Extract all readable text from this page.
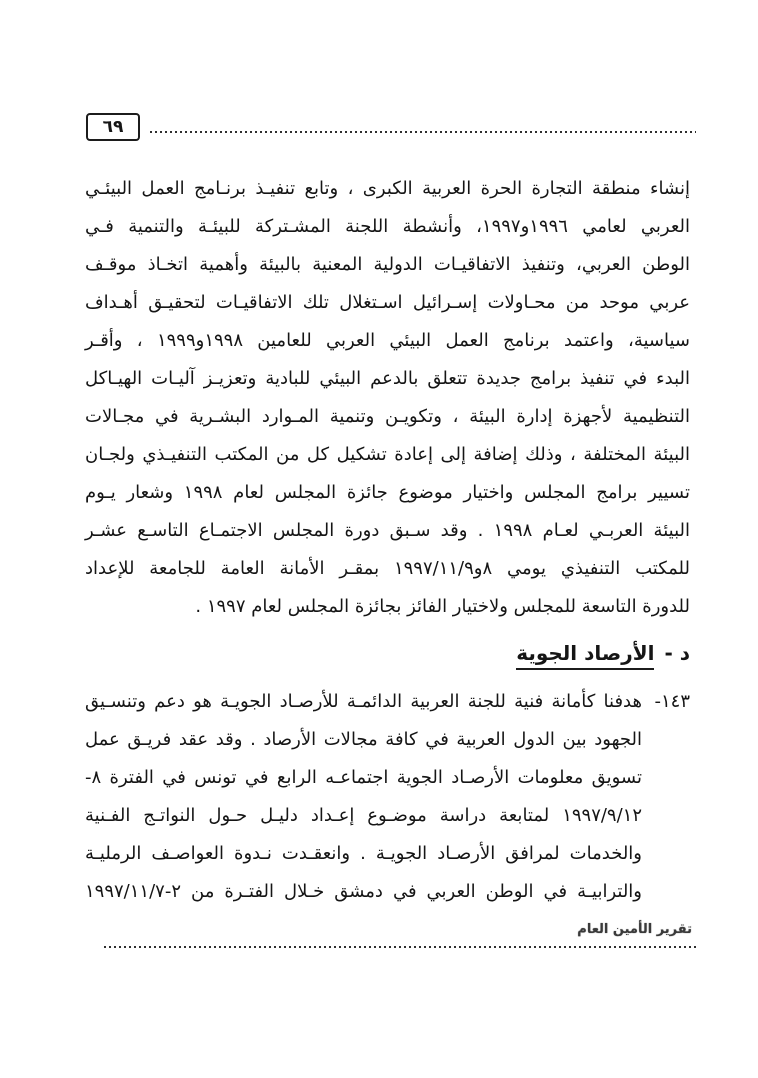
٦٩
إنشاء منطقة التجارة الحرة العربية الكبرى ، وتابع تنفيـذ برنـامج العمل البيئـي
العربي لعامي ١٩٩٦و١٩٩٧، وأنشطة اللجنة المشـتركة للبيئـة والتنمية فـي
الوطن العربي، وتنفيذ الاتفاقيـات الدولية المعنية بالبيئة وأهمية اتخـاذ موقـف
عربي موحد من محـاولات إسـرائيل اسـتغلال تلك الاتفاقيـات لتحقيـق أهـداف
سياسية، واعتمد برنامج العمل البيئي العربي للعامين ١٩٩٨و١٩٩٩ ، وأقـر
البدء في تنفيذ برامج جديدة تتعلق بالدعم البيئي للبادية وتعزيـز آليـات الهيـاكل
التنظيمية لأجهزة إدارة البيئة ، وتكويـن وتنمية المـوارد البشـرية في مجـالات
البيئة المختلفة ، وذلك إضافة إلى إعادة تشكيل كل من المكتب التنفيـذي ولجـان
تسيير برامج المجلس واختيار موضوع جائزة المجلس لعام ١٩٩٨ وشعار يـوم
البيئة العربـي لعـام ١٩٩٨ . وقد سـبق دورة المجلس الاجتمـاع التاسـع عشـر
للمكتب التنفيذي يومي ٨و١٩٩٧/١١/٩ بمقـر الأمانة العامة للجامعة للإعداد
للدورة التاسعة للمجلس ولاختيار الفائز بجائزة المجلس لعام ١٩٩٧ .
د -الأرصاد الجوية
١٤٣-
هدفنا كأمانة فنية للجنة العربية الدائمـة للأرصـاد الجويـة هو دعم وتنسـيق
الجهود بين الدول العربية في كافة مجالات الأرصاد . وقد عقد فريـق عمل
تسويق معلومات الأرصـاد الجوية اجتماعـه الرابع في تونس في الفترة ٨-
١٩٩٧/٩/١٢ لمتابعة دراسة موضـوع إعـداد دليـل حـول النواتـج الفـنية
والخدمات لمرافق الأرصـاد الجويـة . وانعقـدت نـدوة العواصـف الرمليـة
والترابيـة في الوطن العربي في دمشق خـلال الفتـرة من ٢-١٩٩٧/١١/٧
تقرير الأمين العام
